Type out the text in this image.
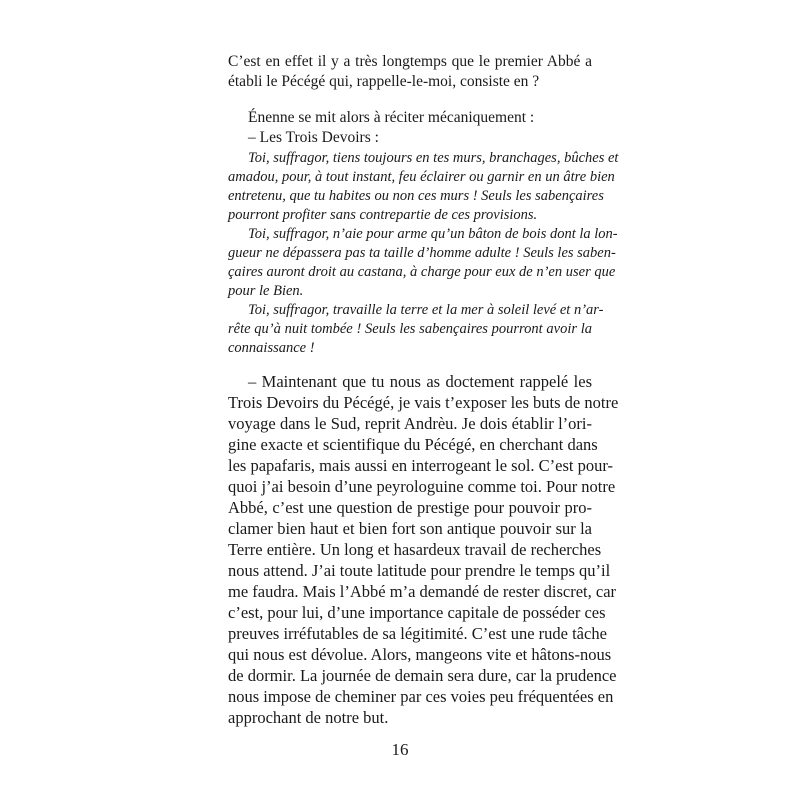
C’est en effet il y a très longtemps que le premier Abbé a
établi le Pécégé qui, rappelle-le-moi, consiste en ?
Énenne se mit alors à réciter mécaniquement :
– Les Trois Devoirs :
Toi, suffragor, tiens toujours en tes murs, branchages, bûches et
amadou, pour, à tout instant, feu éclairer ou garnir en un âtre bien
entretenu, que tu habites ou non ces murs ! Seuls les sabençaires
pourront profiter sans contrepartie de ces provisions.
Toi, suffragor, n’aie pour arme qu’un bâton de bois dont la lon-
gueur ne dépassera pas ta taille d’homme adulte ! Seuls les saben-
çaires auront droit au castana, à charge pour eux de n’en user que
pour le Bien.
Toi, suffragor, travaille la terre et la mer à soleil levé et n’ar-
rête qu’à nuit tombée ! Seuls les sabençaires pourront avoir la
connaissance !
– Maintenant que tu nous as doctement rappelé les
Trois Devoirs du Pécégé, je vais t’exposer les buts de notre
voyage dans le Sud, reprit Andrèu. Je dois établir l’ori-
gine exacte et scientifique du Pécégé, en cherchant dans
les papafaris, mais aussi en interrogeant le sol. C’est pour-
quoi j’ai besoin d’une peyrologuine comme toi. Pour notre
Abbé, c’est une question de prestige pour pouvoir pro-
clamer bien haut et bien fort son antique pouvoir sur la
Terre entière. Un long et hasardeux travail de recherches
nous attend. J’ai toute latitude pour prendre le temps qu’il
me faudra. Mais l’Abbé m’a demandé de rester discret, car
c’est, pour lui, d’une importance capitale de posséder ces
preuves irréfutables de sa légitimité. C’est une rude tâche
qui nous est dévolue. Alors, mangeons vite et hâtons-nous
de dormir. La journée de demain sera dure, car la prudence
nous impose de cheminer par ces voies peu fréquentées en
approchant de notre but.
16
